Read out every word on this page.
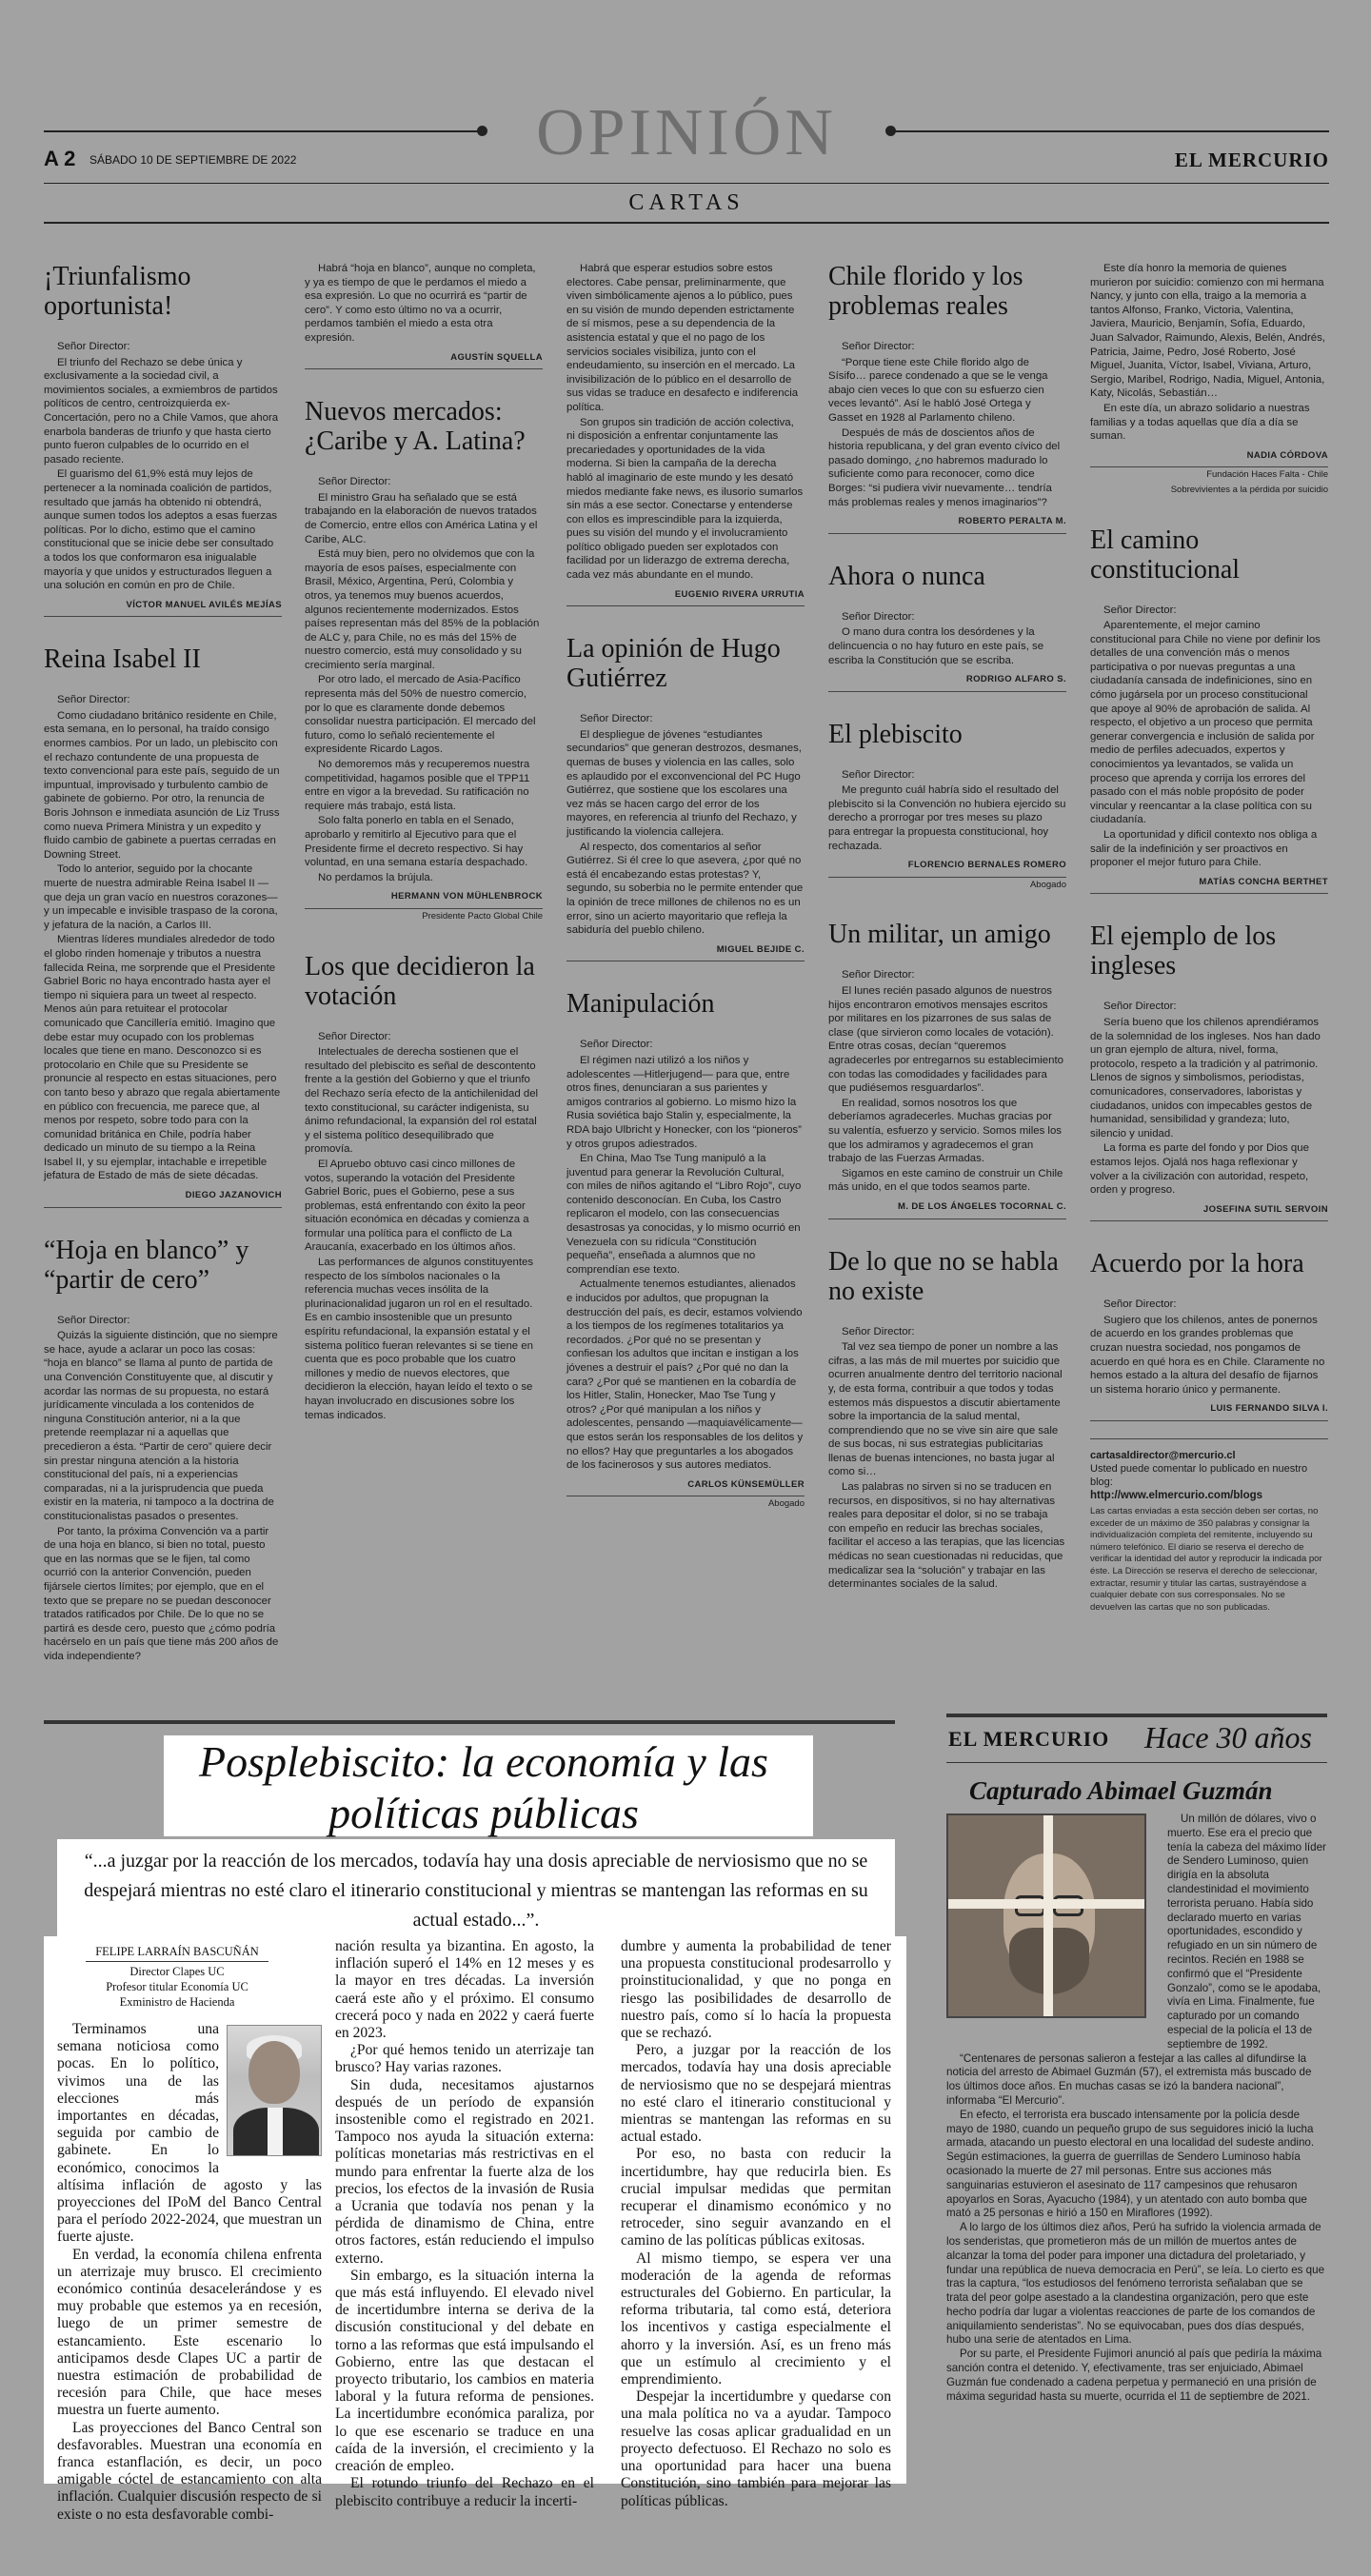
OPINIÓN
A 2 SÁBADO 10 DE SEPTIEMBRE DE 2022	EL MERCURIO
CARTAS
¡Triunfalismo oportunista!

Señor Director:

El triunfo del Rechazo se debe única y exclusivamente a la sociedad civil, a movimientos sociales, a exmiembros de partidos políticos de centro, centroizquierda ex-Concertación, pero no a Chile Vamos, que ahora enarbola banderas de triunfo y que hasta cierto punto fueron culpables de lo ocurrido en el pasado reciente.

El guarismo del 61,9% está muy lejos de pertenecer a la nominada coalición de partidos, resultado que jamás ha obtenido ni obtendrá, aunque sumen todos los adeptos a esas fuerzas políticas. Por lo dicho, estimo que el camino constitucional que se inicie debe ser consultado a todos los que conformaron esa inigualable mayoría y que unidos y estructurados lleguen a una solución en común en pro de Chile.

VÍCTOR MANUEL AVILÉS MEJÍAS

Reina Isabel II

Señor Director:

Como ciudadano británico residente en Chile, esta semana, en lo personal, ha traído consigo enormes cambios. Por un lado, un plebiscito con el rechazo contundente de una propuesta de texto convencional para este país, seguido de un impuntual, improvisado y turbulento cambio de gabinete de gobierno. Por otro, la renuncia de Boris Johnson e inmediata asunción de Liz Truss como nueva Primera Ministra y un expedito y fluido cambio de gabinete a puertas cerradas en Downing Street.

Todo lo anterior, seguido por la chocante muerte de nuestra admirable Reina Isabel II —que deja un gran vacío en nuestros corazones— y un impecable e invisible traspaso de la corona, y jefatura de la nación, a Carlos III.

Mientras líderes mundiales alrededor de todo el globo rinden homenaje y tributos a nuestra fallecida Reina, me sorprende que el Presidente Gabriel Boric no haya encontrado hasta ayer el tiempo ni siquiera para un tweet al respecto. Menos aún para retuitear el protocolar comunicado que Cancillería emitió. Imagino que debe estar muy ocupado con los problemas locales que tiene en mano. Desconozco si es protocolario en Chile que su Presidente se pronuncie al respecto en estas situaciones, pero con tanto beso y abrazo que regala abiertamente en público con frecuencia, me parece que, al menos por respeto, sobre todo para con la comunidad británica en Chile, podría haber dedicado un minuto de su tiempo a la Reina Isabel II, y su ejemplar, intachable e irrepetible jefatura de Estado de más de siete décadas.

DIEGO JAZANOVICH

“Hoja en blanco” y “partir de cero”

Señor Director:

Quizás la siguiente distinción, que no siempre se hace, ayude a aclarar un poco las cosas: “hoja en blanco” se llama al punto de partida de una Convención Constituyente que, al discutir y acordar las normas de su propuesta, no estará jurídicamente vinculada a los contenidos de ninguna Constitución anterior, ni a la que pretende reemplazar ni a aquellas que precedieron a ésta. “Partir de cero” quiere decir sin prestar ninguna atención a la historia constitucional del país, ni a experiencias comparadas, ni a la jurisprudencia que pueda existir en la materia, ni tampoco a la doctrina de constitucionalistas pasados o presentes.

Por tanto, la próxima Convención va a partir de una hoja en blanco, si bien no total, puesto que en las normas que se le fijen, tal como ocurrió con la anterior Convención, pueden fijársele ciertos límites; por ejemplo, que en el texto que se prepare no se puedan desconocer tratados ratificados por Chile. De lo que no se partirá es desde cero, puesto que ¿cómo podría hacérselo en un país que tiene más 200 años de vida independiente?

Habrá “hoja en blanco”, aunque no completa, y ya es tiempo de que le perdamos el miedo a esa expresión. Lo que no ocurrirá es “partir de cero”. Y como esto último no va a ocurrir, perdamos también el miedo a esta otra expresión.

AGUSTÍN SQUELLA

Nuevos mercados: ¿Caribe y A. Latina?

Señor Director:

El ministro Grau ha señalado que se está trabajando en la elaboración de nuevos tratados de Comercio, entre ellos con América Latina y el Caribe, ALC.

Está muy bien, pero no olvidemos que con la mayoría de esos países, especialmente con Brasil, México, Argentina, Perú, Colombia y otros, ya tenemos muy buenos acuerdos, algunos recientemente modernizados. Estos países representan más del 85% de la población de ALC y, para Chile, no es más del 15% de nuestro comercio, está muy consolidado y su crecimiento sería marginal.

Por otro lado, el mercado de Asia-Pacífico representa más del 50% de nuestro comercio, por lo que es claramente donde debemos consolidar nuestra participación. El mercado del futuro, como lo señaló recientemente el expresidente Ricardo Lagos.

No demoremos más y recuperemos nuestra competitividad, hagamos posible que el TPP11 entre en vigor a la brevedad. Su ratificación no requiere más trabajo, está lista.

Solo falta ponerlo en tabla en el Senado, aprobarlo y remitirlo al Ejecutivo para que el Presidente firme el decreto respectivo. Si hay voluntad, en una semana estaría despachado.

No perdamos la brújula.

HERMANN VON MÜHLENBROCK

Presidente Pacto Global Chile

Los que decidieron la votación

Señor Director:

Intelectuales de derecha sostienen que el resultado del plebiscito es señal de descontento frente a la gestión del Gobierno y que el triunfo del Rechazo sería efecto de la antichilenidad del texto constitucional, su carácter indigenista, su ánimo refundacional, la expansión del rol estatal y el sistema político desequilibrado que promovía.

El Apruebo obtuvo casi cinco millones de votos, superando la votación del Presidente Gabriel Boric, pues el Gobierno, pese a sus problemas, está enfrentando con éxito la peor situación económica en décadas y comienza a formular una política para el conflicto de La Araucanía, exacerbado en los últimos años.

Las performances de algunos constituyentes respecto de los símbolos nacionales o la referencia muchas veces insólita de la plurinacionalidad jugaron un rol en el resultado. Es en cambio insostenible que un presunto espíritu refundacional, la expansión estatal y el sistema político fueran relevantes si se tiene en cuenta que es poco probable que los cuatro millones y medio de nuevos electores, que decidieron la elección, hayan leído el texto o se hayan involucrado en discusiones sobre los temas indicados.

Habrá que esperar estudios sobre estos electores. Cabe pensar, preliminarmente, que viven simbólicamente ajenos a lo público, pues en su visión de mundo dependen estrictamente de sí mismos, pese a su dependencia de la asistencia estatal y que el no pago de los servicios sociales visibiliza, junto con el endeudamiento, su inserción en el mercado. La invisibilización de lo público en el desarrollo de sus vidas se traduce en desafecto e indiferencia política.

Son grupos sin tradición de acción colectiva, ni disposición a enfrentar conjuntamente las precariedades y oportunidades de la vida moderna. Si bien la campaña de la derecha habló al imaginario de este mundo y les desató miedos mediante fake news, es ilusorio sumarlos sin más a ese sector. Conectarse y entenderse con ellos es imprescindible para la izquierda, pues su visión del mundo y el involucramiento político obligado pueden ser explotados con facilidad por un liderazgo de extrema derecha, cada vez más abundante en el mundo.

EUGENIO RIVERA URRUTIA

La opinión de Hugo Gutiérrez

Señor Director:

El despliegue de jóvenes “estudiantes secundarios” que generan destrozos, desmanes, quemas de buses y violencia en las calles, solo es aplaudido por el exconvencional del PC Hugo Gutiérrez, que sostiene que los escolares una vez más se hacen cargo del error de los mayores, en referencia al triunfo del Rechazo, y justificando la violencia callejera.

Al respecto, dos comentarios al señor Gutiérrez. Si él cree lo que asevera, ¿por qué no está él encabezando estas protestas? Y, segundo, su soberbia no le permite entender que la opinión de trece millones de chilenos no es un error, sino un acierto mayoritario que refleja la sabiduría del pueblo chileno.

MIGUEL BEJIDE C.

Manipulación

Señor Director:

El régimen nazi utilizó a los niños y adolescentes —Hitlerjugend— para que, entre otros fines, denunciaran a sus parientes y amigos contrarios al gobierno. Lo mismo hizo la Rusia soviética bajo Stalin y, especialmente, la RDA bajo Ulbricht y Honecker, con los “pioneros” y otros grupos adiestrados.

En China, Mao Tse Tung manipuló a la juventud para generar la Revolución Cultural, con miles de niños agitando el “Libro Rojo”, cuyo contenido desconocían. En Cuba, los Castro replicaron el modelo, con las consecuencias desastrosas ya conocidas, y lo mismo ocurrió en Venezuela con su ridícula “Constitución pequeña”, enseñada a alumnos que no comprendían ese texto.

Actualmente tenemos estudiantes, alienados e inducidos por adultos, que propugnan la destrucción del país, es decir, estamos volviendo a los tiempos de los regímenes totalitarios ya recordados. ¿Por qué no se presentan y confiesan los adultos que incitan e instigan a los jóvenes a destruir el país? ¿Por qué no dan la cara? ¿Por qué se mantienen en la cobardía de los Hitler, Stalin, Honecker, Mao Tse Tung y otros? ¿Por qué manipulan a los niños y adolescentes, pensando —maquiavélicamente— que estos serán los responsables de los delitos y no ellos? Hay que preguntarles a los abogados de los facinerosos y sus autores mediatos.

CARLOS KÜNSEMÜLLER

Abogado

Chile florido y los problemas reales

Señor Director:

“Porque tiene este Chile florido algo de Sísifo… parece condenado a que se le venga abajo cien veces lo que con su esfuerzo cien veces levantó”. Así le habló José Ortega y Gasset en 1928 al Parlamento chileno.

Después de más de doscientos años de historia republicana, y del gran evento cívico del pasado domingo, ¿no habremos madurado lo suficiente como para reconocer, como dice Borges: “si pudiera vivir nuevamente… tendría más problemas reales y menos imaginarios”?

ROBERTO PERALTA M.

Ahora o nunca

Señor Director:

O mano dura contra los desórdenes y la delincuencia o no hay futuro en este país, se escriba la Constitución que se escriba.

RODRIGO ALFARO S.

El plebiscito

Señor Director:

Me pregunto cuál habría sido el resultado del plebiscito si la Convención no hubiera ejercido su derecho a prorrogar por tres meses su plazo para entregar la propuesta constitucional, hoy rechazada.

FLORENCIO BERNALES ROMERO

Abogado

Un militar, un amigo

Señor Director:

El lunes recién pasado algunos de nuestros hijos encontraron emotivos mensajes escritos por militares en los pizarrones de sus salas de clase (que sirvieron como locales de votación). Entre otras cosas, decían “queremos agradecerles por entregarnos su establecimiento con todas las comodidades y facilidades para que pudiésemos resguardarlos”.

En realidad, somos nosotros los que deberíamos agradecerles. Muchas gracias por su valentía, esfuerzo y servicio. Somos miles los que los admiramos y agradecemos el gran trabajo de las Fuerzas Armadas.

Sigamos en este camino de construir un Chile más unido, en el que todos seamos parte.

M. DE LOS ÁNGELES TOCORNAL C.

De lo que no se habla no existe

Señor Director:

Tal vez sea tiempo de poner un nombre a las cifras, a las más de mil muertes por suicidio que ocurren anualmente dentro del territorio nacional y, de esta forma, contribuir a que todos y todas estemos más dispuestos a discutir abiertamente sobre la importancia de la salud mental, comprendiendo que no se vive sin aire que sale de sus bocas, ni sus estrategias publicitarias llenas de buenas intenciones, no basta jugar al como si…

Las palabras no sirven si no se traducen en recursos, en dispositivos, si no hay alternativas reales para depositar el dolor, si no se trabaja con empeño en reducir las brechas sociales, facilitar el acceso a las terapias, que las licencias médicas no sean cuestionadas ni reducidas, que medicalizar sea la “solución” y trabajar en las determinantes sociales de la salud.

Este día honro la memoria de quienes murieron por suicidio: comienzo con mi hermana Nancy, y junto con ella, traigo a la memoria a tantos Alfonso, Franko, Victoria, Valentina, Javiera, Mauricio, Benjamín, Sofía, Eduardo, Juan Salvador, Raimundo, Alexis, Belén, Andrés, Patricia, Jaime, Pedro, José Roberto, José Miguel, Juanita, Víctor, Isabel, Viviana, Arturo, Sergio, Maribel, Rodrigo, Nadia, Miguel, Antonia, Katy, Nicolás, Sebastián…

En este día, un abrazo solidario a nuestras familias y a todas aquellas que día a día se suman.

NADIA CÓRDOVA

Fundación Haces Falta - Chile

Sobrevivientes a la pérdida por suicidio

El camino constitucional

Señor Director:

Aparentemente, el mejor camino constitucional para Chile no viene por definir los detalles de una convención más o menos participativa o por nuevas preguntas a una ciudadanía cansada de indefiniciones, sino en cómo jugársela por un proceso constitucional que apoye al 90% de aprobación de salida. Al respecto, el objetivo a un proceso que permita generar convergencia e inclusión de salida por medio de perfiles adecuados, expertos y conocimientos ya levantados, se valida un proceso que aprenda y corrija los errores del pasado con el más noble propósito de poder vincular y reencantar a la clase política con su ciudadanía.

La oportunidad y dificil contexto nos obliga a salir de la indefinición y ser proactivos en proponer el mejor futuro para Chile.

MATÍAS CONCHA BERTHET

El ejemplo de los ingleses

Señor Director:

Sería bueno que los chilenos aprendiéramos de la solemnidad de los ingleses. Nos han dado un gran ejemplo de altura, nivel, forma, protocolo, respeto a la tradición y al patrimonio. Llenos de signos y simbolismos, periodistas, comunicadores, conservadores, laboristas y ciudadanos, unidos con impecables gestos de humanidad, sensibilidad y grandeza; luto, silencio y unidad.

La forma es parte del fondo y por Dios que estamos lejos. Ojalá nos haga reflexionar y volver a la civilización con autoridad, respeto, orden y progreso.

JOSEFINA SUTIL SERVOIN

Acuerdo por la hora

Señor Director:

Sugiero que los chilenos, antes de ponernos de acuerdo en los grandes problemas que cruzan nuestra sociedad, nos pongamos de acuerdo en qué hora es en Chile. Claramente no hemos estado a la altura del desafío de fijarnos un sistema horario único y permanente.

LUIS FERNANDO SILVA I.

cartasaldirector@mercurio.cl
Usted puede comentar lo publicado en nuestro blog:
http://www.elmercurio.com/blogs
Las cartas enviadas a esta sección deben ser cortas, no exceder de un máximo de 350 palabras y consignar la individualización completa del remitente, incluyendo su número telefónico. El diario se reserva el derecho de verificar la identidad del autor y reproducir la indicada por éste. La Dirección se reserva el derecho de seleccionar, extractar, resumir y titular las cartas, sustrayéndose a cualquier debate con sus corresponsales. No se devuelven las cartas que no son publicadas.
Posplebiscito: la economía y las políticas públicas
“...a juzgar por la reacción de los mercados, todavía hay una dosis apreciable de nerviosismo que no se despejará mientras no esté claro el itinerario constitucional y mientras se mantengan las reformas en su actual estado...”.
FELIPE LARRAÍN BASCUÑÁN
Director Clapes UC
Profesor titular Economía UC
Exministro de Hacienda

Terminamos una semana noticiosa como pocas. En lo político, vivimos una de las elecciones más importantes en décadas, seguida por cambio de gabinete. En lo económico, conocimos la altísima inflación de agosto y las proyecciones del IPoM del Banco Central para el período 2022-2024, que muestran un fuerte ajuste.

En verdad, la economía chilena enfrenta un aterrizaje muy brusco. El crecimiento económico continúa desacelerándose y es muy probable que estemos ya en recesión, luego de un primer semestre de estancamiento. Este escenario lo anticipamos desde Clapes UC a partir de nuestra estimación de probabilidad de recesión para Chile, que hace meses muestra un fuerte aumento.

Las proyecciones del Banco Central son desfavorables. Muestran una economía en franca estanflación, es decir, un poco amigable cóctel de estancamiento con alta inflación. Cualquier discusión respecto de si existe o no esta desfavorable combi-

nación resulta ya bizantina. En agosto, la inflación superó el 14% en 12 meses y es la mayor en tres décadas. La inversión caerá este año y el próximo. El consumo crecerá poco y nada en 2022 y caerá fuerte en 2023.

¿Por qué hemos tenido un aterrizaje tan brusco? Hay varias razones.

Sin duda, necesitamos ajustarnos después de un período de expansión insostenible como el registrado en 2021. Tampoco nos ayuda la situación externa: políticas monetarias más restrictivas en el mundo para enfrentar la fuerte alza de los precios, los efectos de la invasión de Rusia a Ucrania que todavía nos penan y la pérdida de dinamismo de China, entre otros factores, están reduciendo el impulso externo.

Sin embargo, es la situación interna la que más está influyendo. El elevado nivel de incertidumbre interna se deriva de la discusión constitucional y del debate en torno a las reformas que está impulsando el Gobierno, entre las que destacan el proyecto tributario, los cambios en materia laboral y la futura reforma de pensiones. La incertidumbre económica paraliza, por lo que ese escenario se traduce en una caída de la inversión, el crecimiento y la creación de empleo.

El rotundo triunfo del Rechazo en el plebiscito contribuye a reducir la incerti-

dumbre y aumenta la probabilidad de tener una propuesta constitucional prodesarrollo y proinstitucionalidad, y que no ponga en riesgo las posibilidades de desarrollo de nuestro país, como sí lo hacía la propuesta que se rechazó.

Pero, a juzgar por la reacción de los mercados, todavía hay una dosis apreciable de nerviosismo que no se despejará mientras no esté claro el itinerario constitucional y mientras se mantengan las reformas en su actual estado.

Por eso, no basta con reducir la incertidumbre, hay que reducirla bien. Es crucial impulsar medidas que permitan recuperar el dinamismo económico y no retroceder, sino seguir avanzando en el camino de las políticas públicas exitosas.

Al mismo tiempo, se espera ver una moderación de la agenda de reformas estructurales del Gobierno. En particular, la reforma tributaria, tal como está, deteriora los incentivos y castiga especialmente el ahorro y la inversión. Así, es un freno más que un estímulo al crecimiento y el emprendimiento.

Despejar la incertidumbre y quedarse con una mala política no va a ayudar. Tampoco resuelve las cosas aplicar gradualidad en un proyecto defectuoso. El Rechazo no solo es una oportunidad para hacer una buena Constitución, sino también para mejorar las políticas públicas.

EL MERCURIO Hace 30 años
Capturado Abimael Guzmán

Un millón de dólares, vivo o muerto. Ese era el precio que tenía la cabeza del máximo líder de Sendero Luminoso, quien dirigía en la absoluta clandestinidad el movimiento terrorista peruano. Había sido declarado muerto en varias oportunidades, escondido y refugiado en un sin número de recintos. Recién en 1988 se confirmó que el “Presidente Gonzalo”, como se le apodaba, vivía en Lima. Finalmente, fue capturado por un comando especial de la policía el 13 de septiembre de 1992.

“Centenares de personas salieron a festejar a las calles al difundirse la noticia del arresto de Abimael Guzmán (57), el extremista más buscado de los últimos doce años. En muchas casas se izó la bandera nacional”, informaba “El Mercurio”.

En efecto, el terrorista era buscado intensamente por la policía desde mayo de 1980, cuando un pequeño grupo de sus seguidores inició la lucha armada, atacando un puesto electoral en una localidad del sudeste andino. Según estimaciones, la guerra de guerrillas de Sendero Luminoso había ocasionado la muerte de 27 mil personas. Entre sus acciones más sanguinarias estuvieron el asesinato de 117 campesinos que rehusaron apoyarlos en Soras, Ayacucho (1984), y un atentado con auto bomba que mató a 25 personas e hirió a 150 en Miraflores (1992).

A lo largo de los últimos diez años, Perú ha sufrido la violencia armada de los senderistas, que prometieron más de un millón de muertos antes de alcanzar la toma del poder para imponer una dictadura del proletariado, y fundar una república de nueva democracia en Perú”, se leía. Lo cierto es que tras la captura, “los estudiosos del fenómeno terrorista señalaban que se trata del peor golpe asestado a la clandestina organización, pero que este hecho podría dar lugar a violentas reacciones de parte de los comandos de aniquilamiento senderistas”. No se equivocaban, pues dos días después, hubo una serie de atentados en Lima.

Por su parte, el Presidente Fujimori anunció al país que pediría la máxima sanción contra el detenido. Y, efectivamente, tras ser enjuiciado, Abimael Guzmán fue condenado a cadena perpetua y permaneció en una prisión de máxima seguridad hasta su muerte, ocurrida el 11 de septiembre de 2021.
